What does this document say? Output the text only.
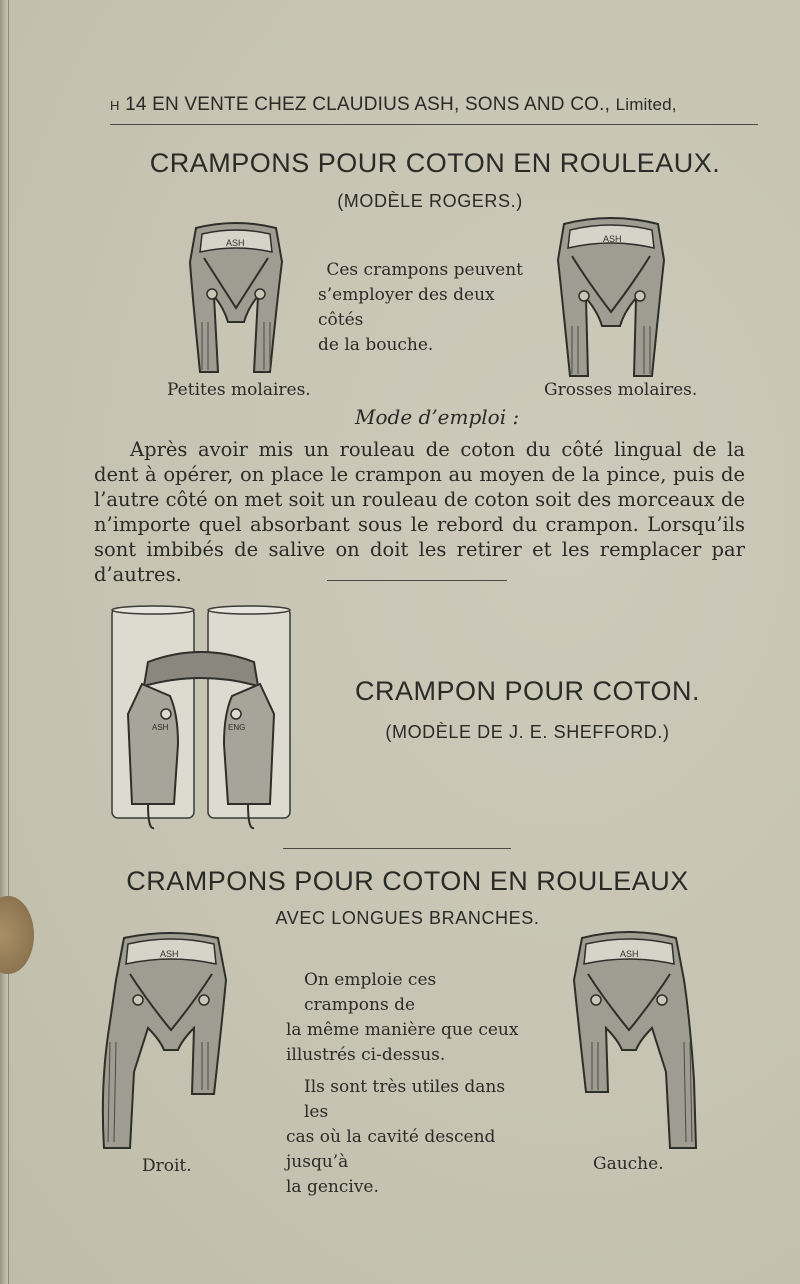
H 14 EN VENTE CHEZ CLAUDIUS ASH, SONS AND CO., Limited,
CRAMPONS POUR COTON EN ROULEAUX.
(MODÈLE ROGERS.)
ASH	ASH
Ces crampons peuvent
s’employer des deux côtés
de la bouche.
Petites molaires.	Grosses molaires.
Mode d’emploi :
Après avoir mis un rouleau de coton du côté lingual de la dent à opérer, on place le crampon au moyen de la pince, puis de l’autre côté on met soit un rouleau de coton soit des morceaux de n’importe quel absorbant sous le rebord du crampon. Lorsqu’ils sont imbibés de salive on doit les retirer et les remplacer par d’autres.
ASH	ENG
CRAMPON POUR COTON.
(MODÈLE DE J. E. SHEFFORD.)
CRAMPONS POUR COTON EN ROULEAUX
AVEC LONGUES BRANCHES.
ASH
On emploie ces crampons de
la même manière que ceux
illustrés ci-dessus.
Ils sont très utiles dans les
cas où la cavité descend jusqu’à
la gencive.
ASH
Droit.	Gauche.
